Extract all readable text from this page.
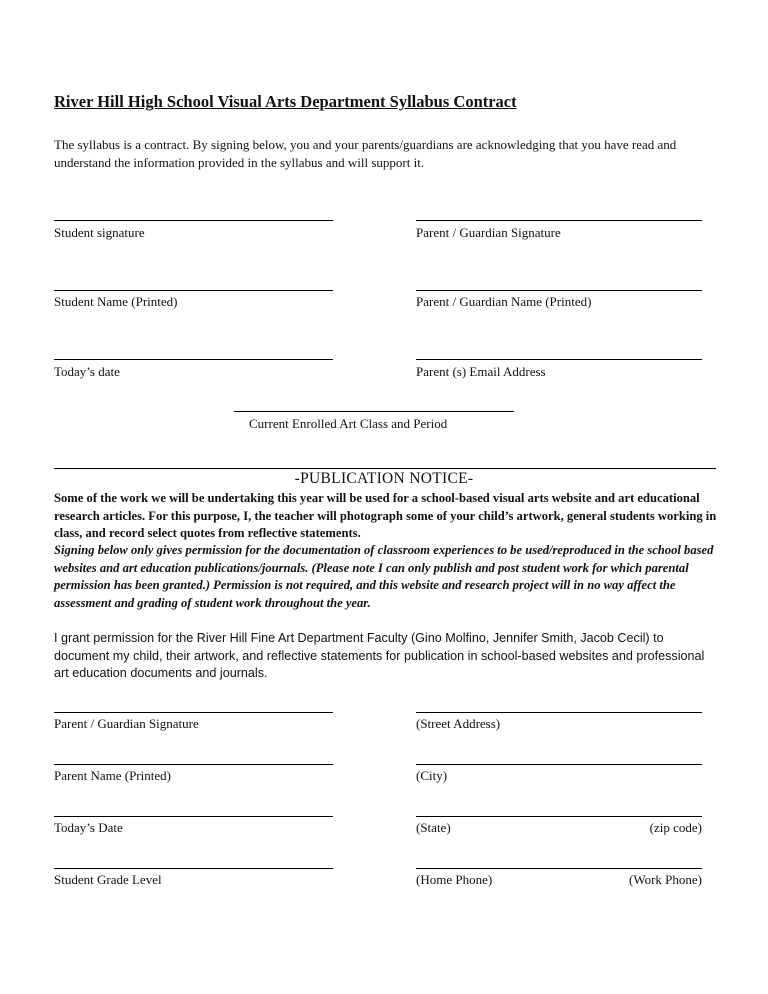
River Hill High School Visual Arts Department Syllabus Contract
The syllabus is a contract. By signing below, you and your parents/guardians are acknowledging that you have read and understand the information provided in the syllabus and will support it.
Student signature	Parent / Guardian Signature
Student Name (Printed)	Parent / Guardian Name (Printed)
Today’s date	Parent (s) Email Address
Current Enrolled Art Class and Period
-PUBLICATION NOTICE-
Some of the work we will be undertaking this year will be used for a school-based visual arts website and art educational research articles. For this purpose, I, the teacher will photograph some of your child’s artwork, general students working in class, and record select quotes from reflective statements.
Signing below only gives permission for the documentation of classroom experiences to be used/reproduced in the school based websites and art education publications/journals. (Please note I can only publish and post student work for which parental permission has been granted.) Permission is not required, and this website and research project will in no way affect the assessment and grading of student work throughout the year.
I grant permission for the River Hill Fine Art Department Faculty (Gino Molfino, Jennifer Smith, Jacob Cecil) to document my child, their artwork, and reflective statements for publication in school-based websites and professional art education documents and journals.
Parent / Guardian Signature	(Street Address)
Parent Name (Printed)	(City)
Today’s Date	(State)	(zip code)
Student Grade Level	(Home Phone)	(Work Phone)
